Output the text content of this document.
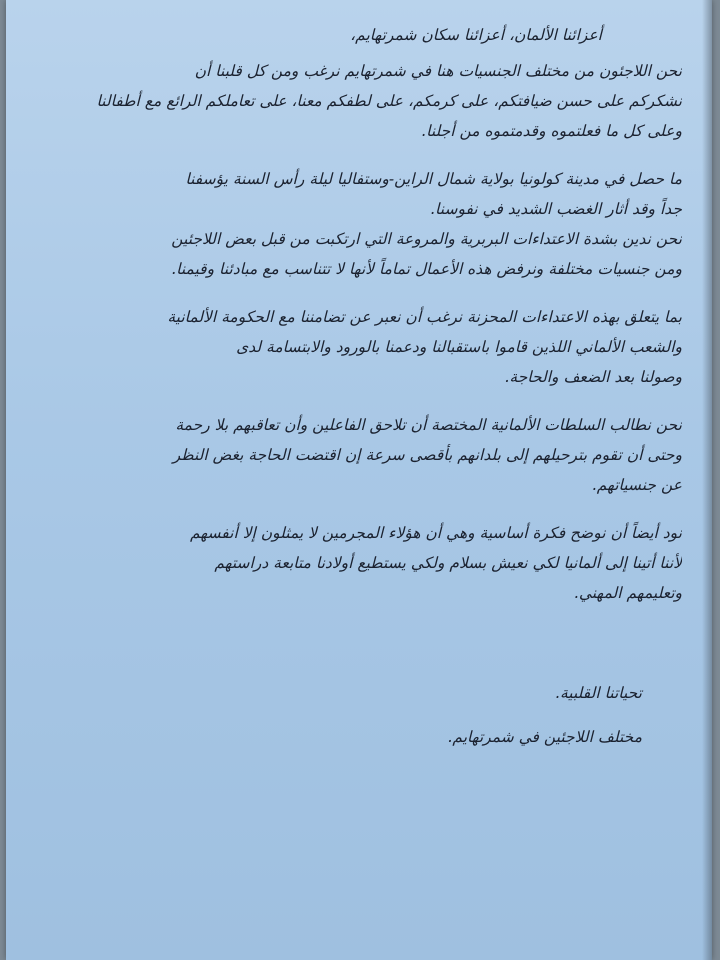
أعزائنا الألمان، أعزائنا سكان شمرتهايم،
نحن اللاجئون من مختلف الجنسيات هنا في شمرتهايم نرغب ومن كل قلبنا أن
نشكركم على حسن ضيافتكم، على كرمكم، على لطفكم معنا، على تعاملكم الرائع مع أطفالنا
وعلى كل ما فعلتموه وقدمتموه من أجلنا.
ما حصل في مدينة كولونيا بولاية شمال الراين-وستفاليا ليلة رأس السنة يؤسفنا
جداً وقد أثار الغضب الشديد في نفوسنا.
نحن ندين بشدة الاعتداءات البربرية والمروعة التي ارتكبت من قبل بعض اللاجئين
ومن جنسيات مختلفة ونرفض هذه الأعمال تماماً لأنها لا تتناسب مع مبادئنا وقيمنا.
بما يتعلق بهذه الاعتداءات المحزنة نرغب أن نعبر عن تضامننا مع الحكومة الألمانية
والشعب الألماني اللذين قاموا باستقبالنا ودعمنا بالورود والابتسامة لدى
وصولنا بعد الضعف والحاجة.
نحن نطالب السلطات الألمانية المختصة أن تلاحق الفاعلين وأن تعاقبهم بلا رحمة
وحتى أن تقوم بترحيلهم إلى بلدانهم بأقصى سرعة إن اقتضت الحاجة بغض النظر
عن جنسياتهم.
نود أيضاً أن نوضح فكرة أساسية وهي أن هؤلاء المجرمين لا يمثلون إلا أنفسهم
لأننا أتينا إلى ألمانيا لكي نعيش بسلام ولكي يستطيع أولادنا متابعة دراستهم
وتعليمهم المهني.
تحياتنا القلبية.
مختلف اللاجئين في شمرتهايم.
